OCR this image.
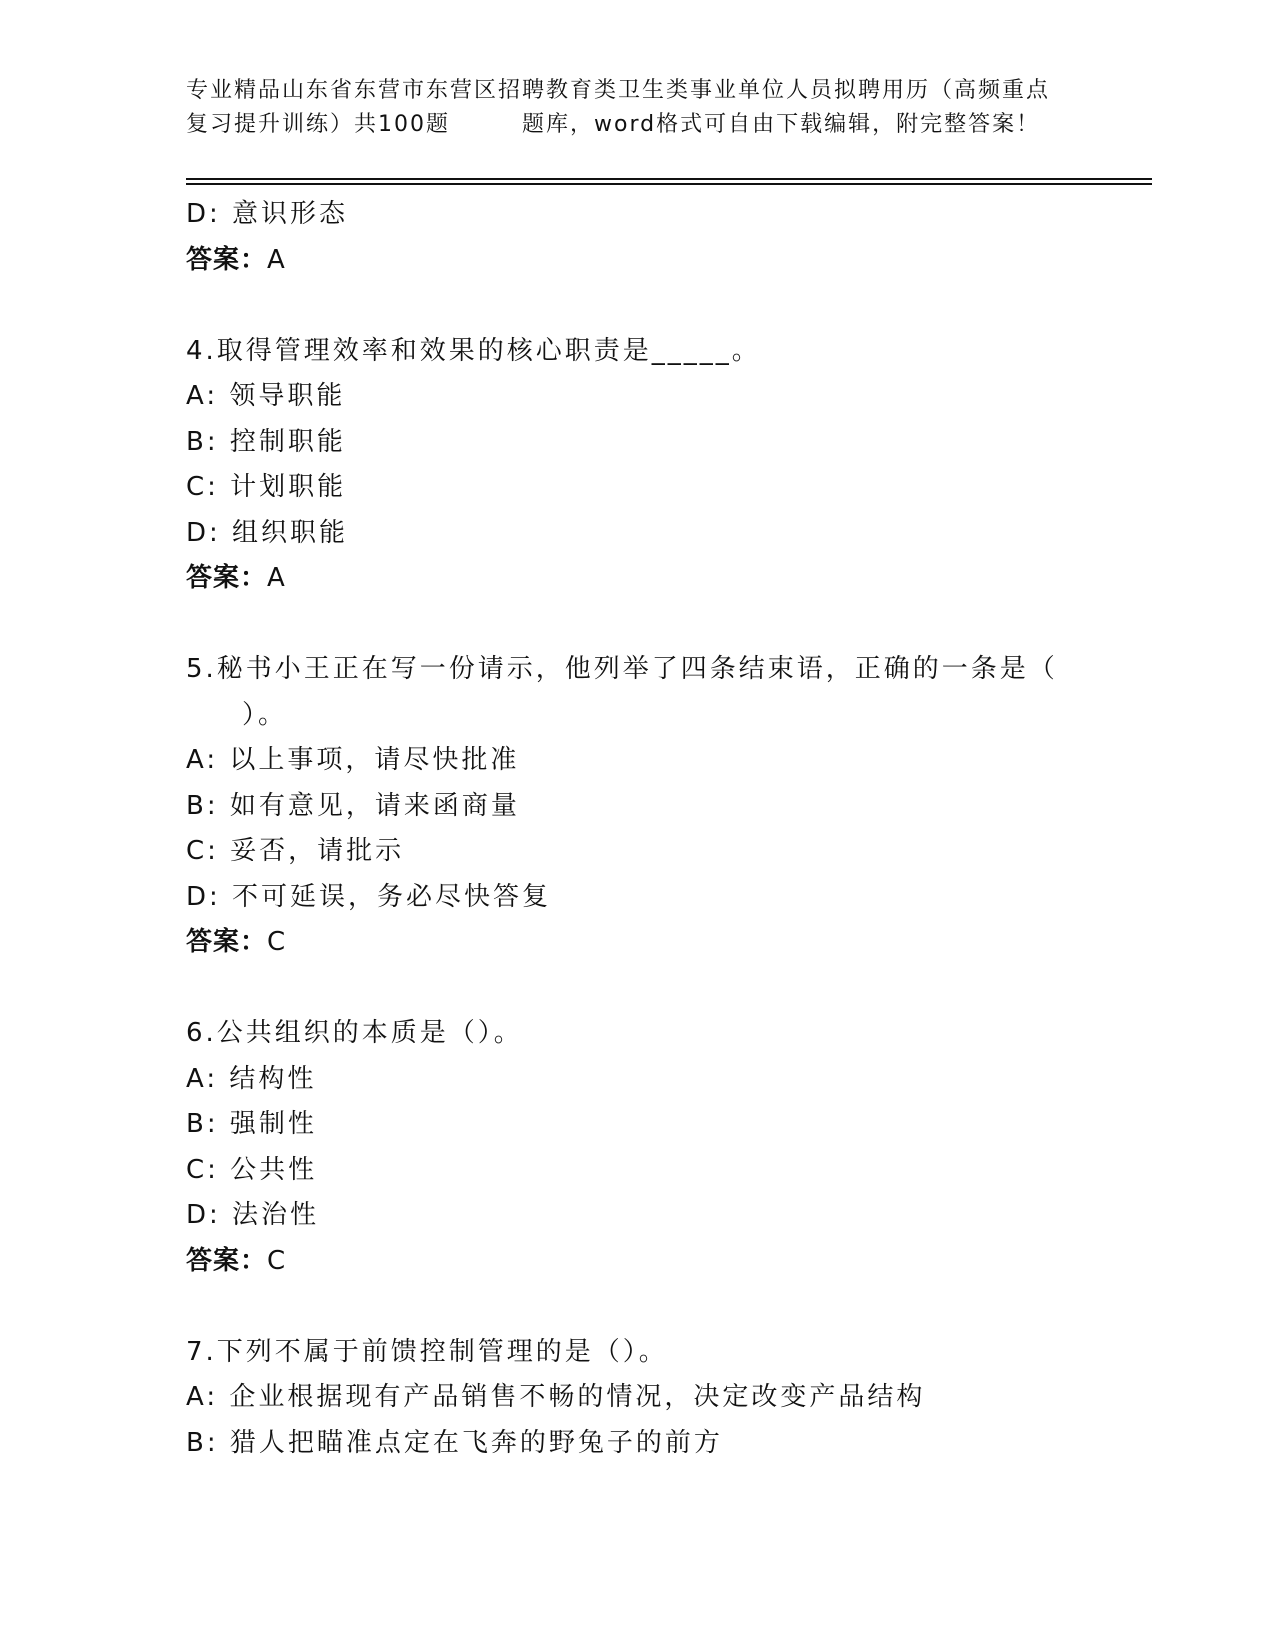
专业精品山东省东营市东营区招聘教育类卫生类事业单位人员拟聘用历（高频重点
复习提升训练）共100题　　　题库，word格式可自由下载编辑，附完整答案！
D: 意识形态
答案：A
4.取得管理效率和效果的核心职责是_____。
A: 领导职能
B: 控制职能
C: 计划职能
D: 组织职能
答案：A
5.秘书小王正在写一份请示，他列举了四条结束语，正确的一条是（
）。
A: 以上事项，请尽快批准
B: 如有意见，请来函商量
C: 妥否，请批示
D: 不可延误，务必尽快答复
答案：C
6.公共组织的本质是（）。
A: 结构性
B: 强制性
C: 公共性
D: 法治性
答案：C
7.下列不属于前馈控制管理的是（）。
A: 企业根据现有产品销售不畅的情况，决定改变产品结构
B: 猎人把瞄准点定在飞奔的野兔子的前方
